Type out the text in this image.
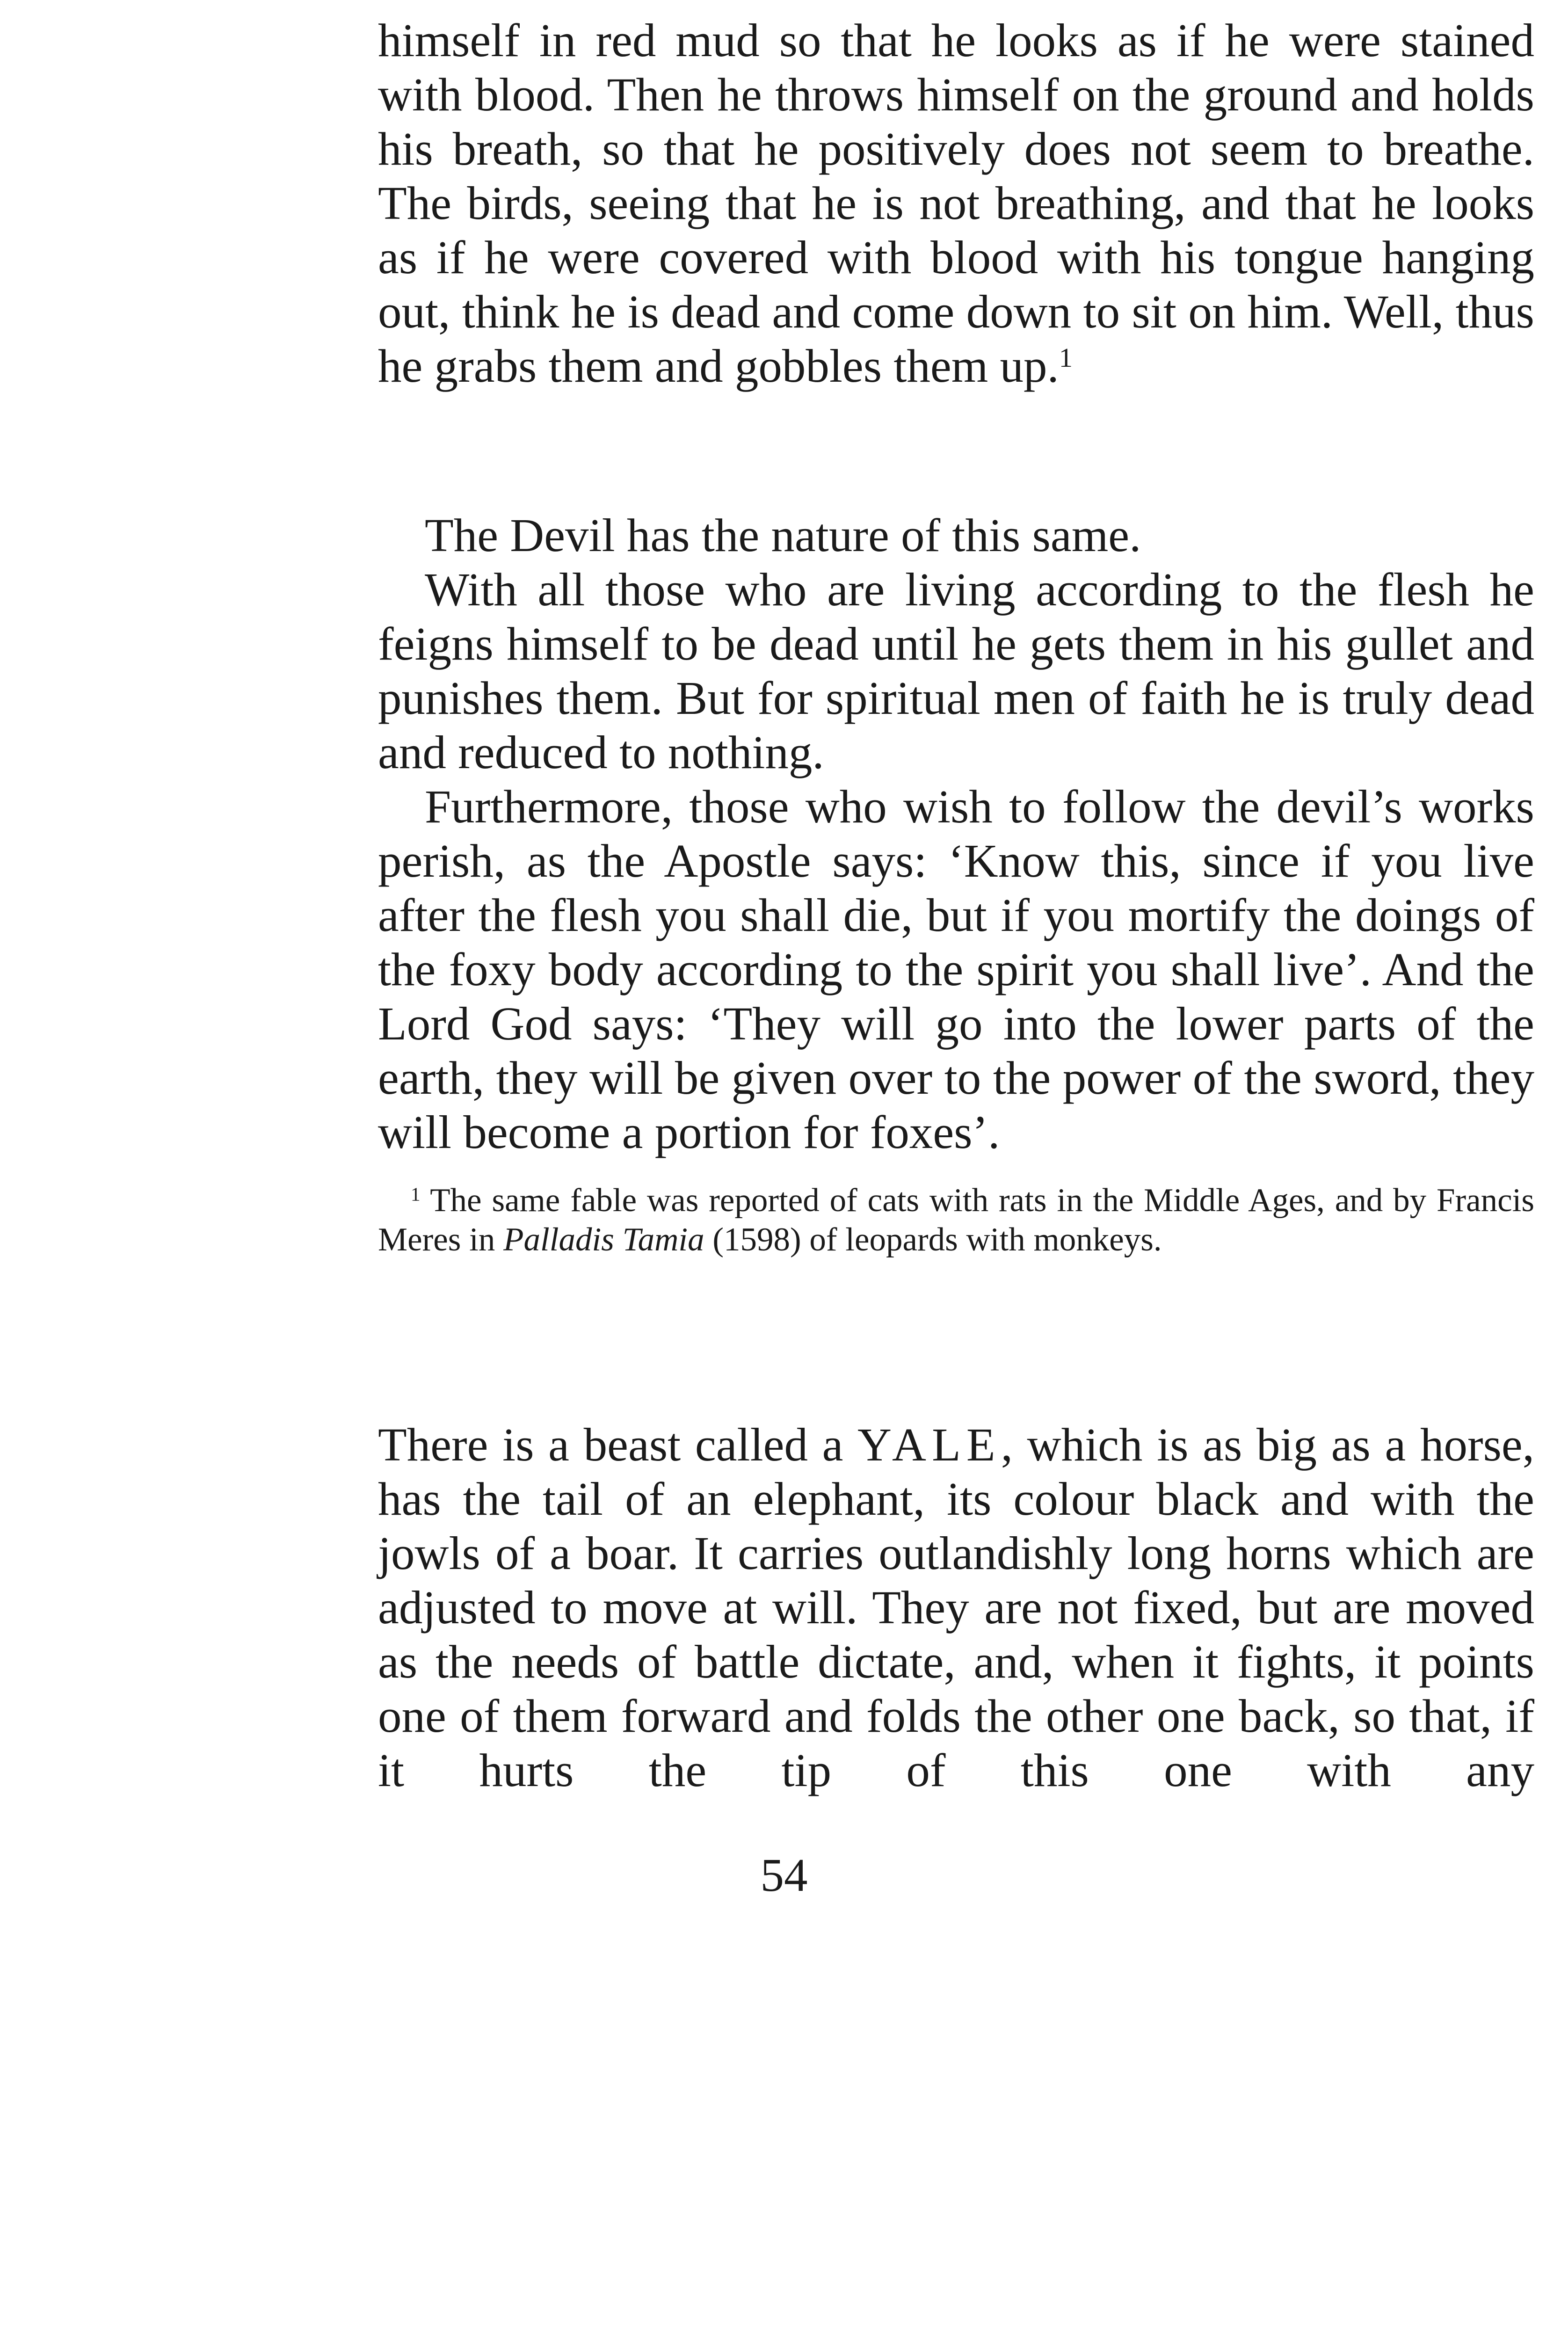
himself in red mud so that he looks as if he were stained with blood. Then he throws himself on the ground and holds his breath, so that he positively does not seem to breathe. The birds, seeing that he is not breathing, and that he looks as if he were covered with blood with his tongue hanging out, think he is dead and come down to sit on him. Well, thus he grabs them and gobbles them up.$^1$

The Devil has the nature of this same.

With all those who are living according to the flesh he feigns himself to be dead until he gets them in his gullet and punishes them. But for spiritual men of faith he is truly dead and reduced to nothing.

Furthermore, those who wish to follow the devil’s works perish, as the Apostle says: ‘Know this, since if you live after the flesh you shall die, but if you mortify the doings of the foxy body according to the spirit you shall live’. And the Lord God says: ‘They will go into the lower parts of the earth, they will be given over to the power of the sword, they will become a portion for foxes’.

$^1$ The same fable was reported of cats with rats in the Middle Ages, and by Francis Meres in Palladis Tamia (1598) of leopards with monkeys.

There is a beast called a YALE, which is as big as a horse, has the tail of an elephant, its colour black and with the jowls of a boar. It carries outlandishly long horns which are adjusted to move at will. They are not fixed, but are moved as the needs of battle dictate, and, when it fights, it points one of them forward and folds the other one back, so that, if it hurts the tip of this one with any

54
